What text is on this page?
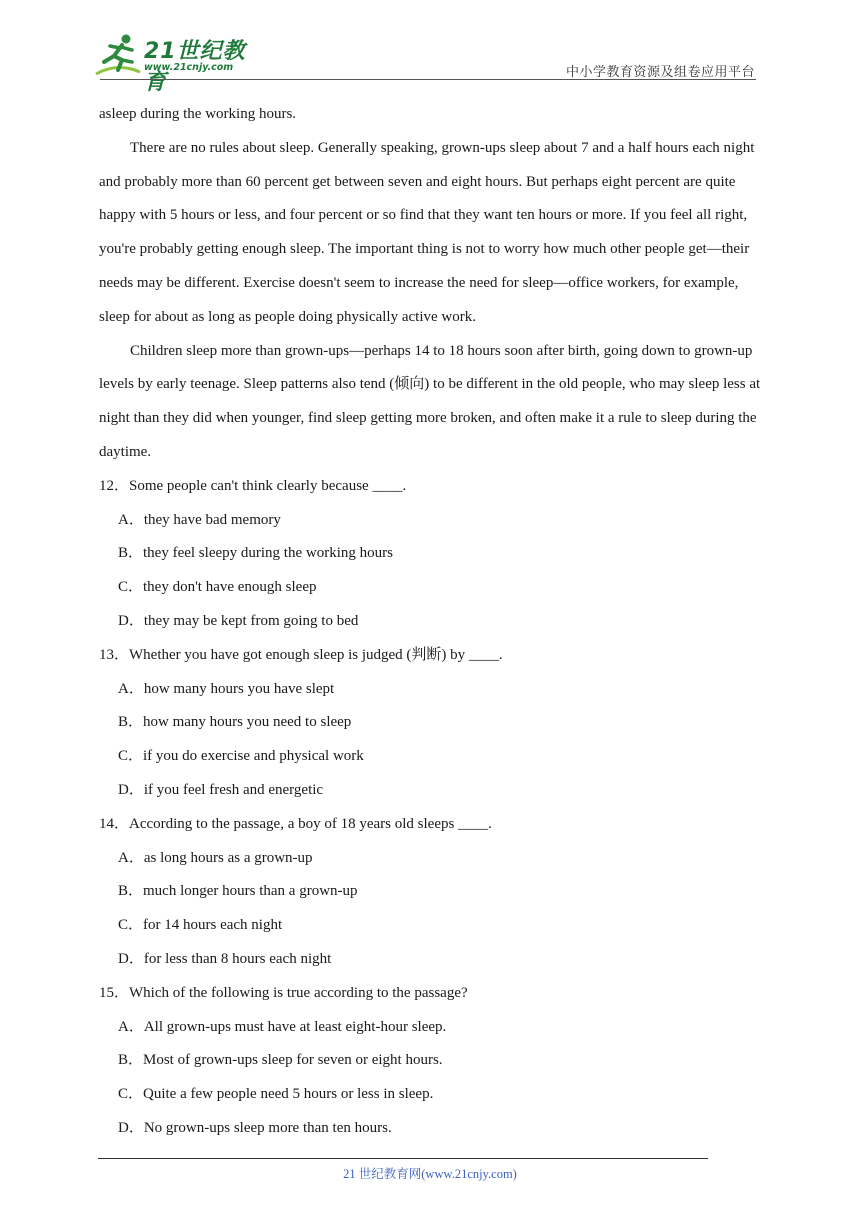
21世纪教育
www.21cnjy.com	中小学教育资源及组卷应用平台

asleep during the working hours.

There are no rules about sleep. Generally speaking, grown-ups sleep about 7 and a half hours each night and probably more than 60 percent get between seven and eight hours. But perhaps eight percent are quite happy with 5 hours or less, and four percent or so find that they want ten hours or more. If you feel all right, you're probably getting enough sleep. The important thing is not to worry how much other people get—their needs may be different. Exercise doesn't seem to increase the need for sleep—office workers, for example, sleep for about as long as people doing physically active work.

Children sleep more than grown-ups—perhaps 14 to 18 hours soon after birth, going down to grown-up levels by early teenage. Sleep patterns also tend (倾向) to be different in the old people, who may sleep less at night than they did when younger, find sleep getting more broken, and often make it a rule to sleep during the daytime.

12．Some people can't think clearly because ____.

A．they have bad memory

B．they feel sleepy during the working hours

C．they don't have enough sleep

D．they may be kept from going to bed

13．Whether you have got enough sleep is judged (判断) by ____.

A．how many hours you have slept

B．how many hours you need to sleep

C．if you do exercise and physical work

D．if you feel fresh and energetic

14．According to the passage, a boy of 18 years old sleeps ____.

A．as long hours as a grown-up

B．much longer hours than a grown-up

C．for 14 hours each night

D．for less than 8 hours each night

15．Which of the following is true according to the passage?

A．All grown-ups must have at least eight-hour sleep.

B．Most of grown-ups sleep for seven or eight hours.

C．Quite a few people need 5 hours or less in sleep.

D．No grown-ups sleep more than ten hours.

21 世纪教育网(www.21cnjy.com)
